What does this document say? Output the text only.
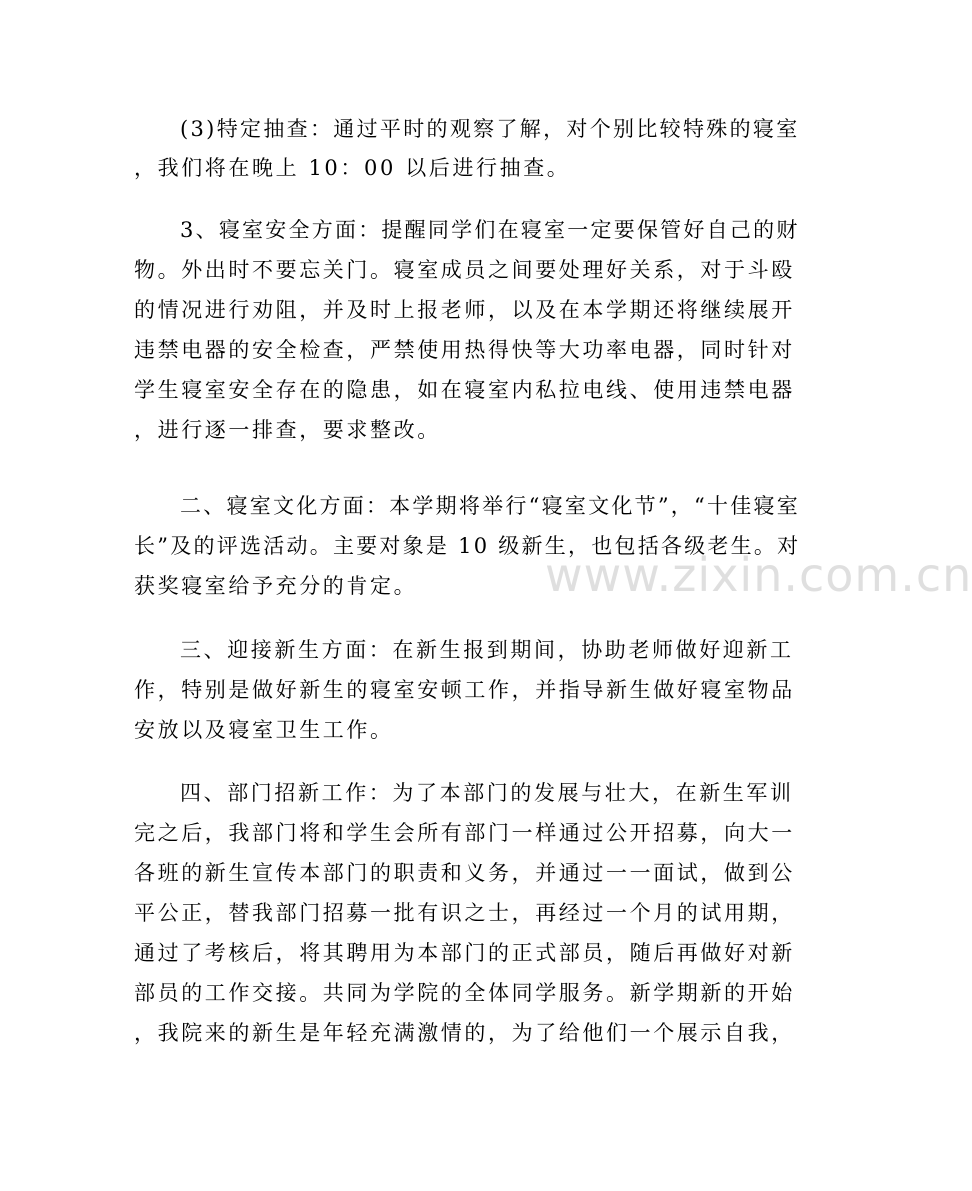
(3)特定抽查：通过平时的观察了解，对个别比较特殊的寝室
，我们将在晚上 10：00 以后进行抽查。
3、寝室安全方面：提醒同学们在寝室一定要保管好自己的财
物。外出时不要忘关门。寝室成员之间要处理好关系，对于斗殴
的情况进行劝阻，并及时上报老师，以及在本学期还将继续展开
违禁电器的安全检查，严禁使用热得快等大功率电器，同时针对
学生寝室安全存在的隐患，如在寝室内私拉电线、使用违禁电器
，进行逐一排查，要求整改。
二、寝室文化方面：本学期将举行“寝室文化节”，“十佳寝室
长”及的评选活动。主要对象是 10 级新生，也包括各级老生。对
获奖寝室给予充分的肯定。
三、迎接新生方面：在新生报到期间，协助老师做好迎新工
作，特别是做好新生的寝室安顿工作，并指导新生做好寝室物品
安放以及寝室卫生工作。
四、部门招新工作：为了本部门的发展与壮大，在新生军训
完之后，我部门将和学生会所有部门一样通过公开招募，向大一
各班的新生宣传本部门的职责和义务，并通过一一面试，做到公
平公正，替我部门招募一批有识之士，再经过一个月的试用期，
通过了考核后，将其聘用为本部门的正式部员，随后再做好对新
部员的工作交接。共同为学院的全体同学服务。新学期新的开始
，我院来的新生是年轻充满激情的，为了给他们一个展示自我，
www.zixin.com.cn
